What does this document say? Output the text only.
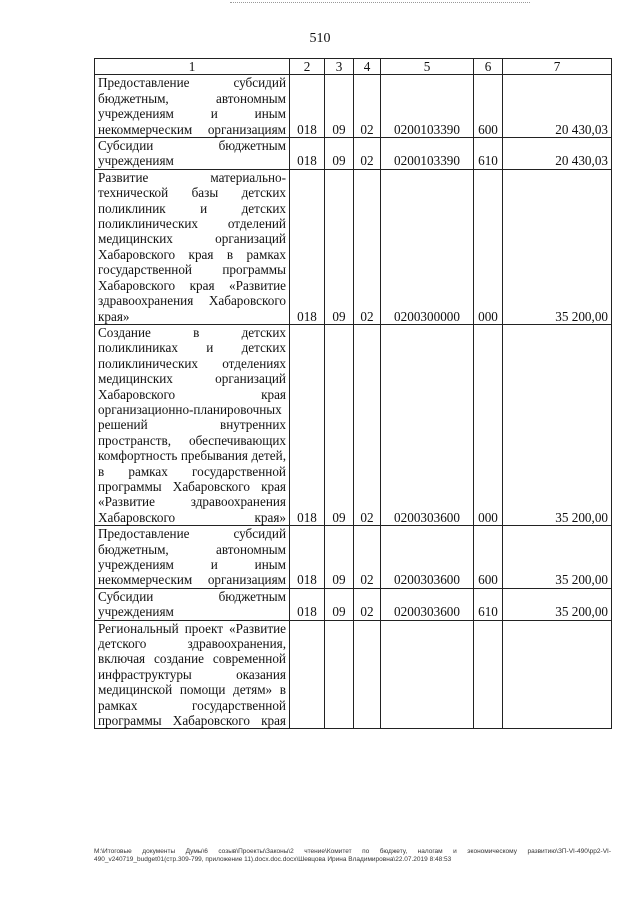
510
1	2	3	4	5	6	7

Предоставление субсидий бюджетным, автономным учреждениям и иным некоммерческим организациям	018	09	02	0200103390	600	20 430,03

Субсидии бюджетным учреждениям	018	09	02	0200103390	610	20 430,03

Развитие материально-технической базы детских поликлиник и детских поликлинических отделений медицинских организаций Хабаровского края в рамках государственной программы Хабаровского края «Развитие здравоохранения Хабаровского края»	018	09	02	0200300000	000	35 200,00

Создание в детских поликлиниках и детских поликлинических отделениях медицинских организаций Хабаровского края организационно-планировочных решений внутренних пространств, обеспечивающих комфортность пребывания детей, в рамках государственной программы Хабаровского края «Развитие здравоохранения Хабаровского края»	018	09	02	0200303600	000	35 200,00

Предоставление субсидий бюджетным, автономным учреждениям и иным некоммерческим организациям	018	09	02	0200303600	600	35 200,00

Субсидии бюджетным учреждениям	018	09	02	0200303600	610	35 200,00

Региональный проект «Развитие детского здравоохранения, включая создание современной инфраструктуры оказания медицинской помощи детям» в рамках государственной программы Хабаровского края						

M:\Итоговые документы Думы\6 созыв\Проекты\Законы\2 чтение\Комитет по бюджету, налогам и экономическому развитию\ЗП-VI-490\рр2-VI-490_v240719_budget01(стр.309-799, приложение 11).docx.doc.docx\Шевцова Ирина Владимировна\22.07.2019 8:48:53
